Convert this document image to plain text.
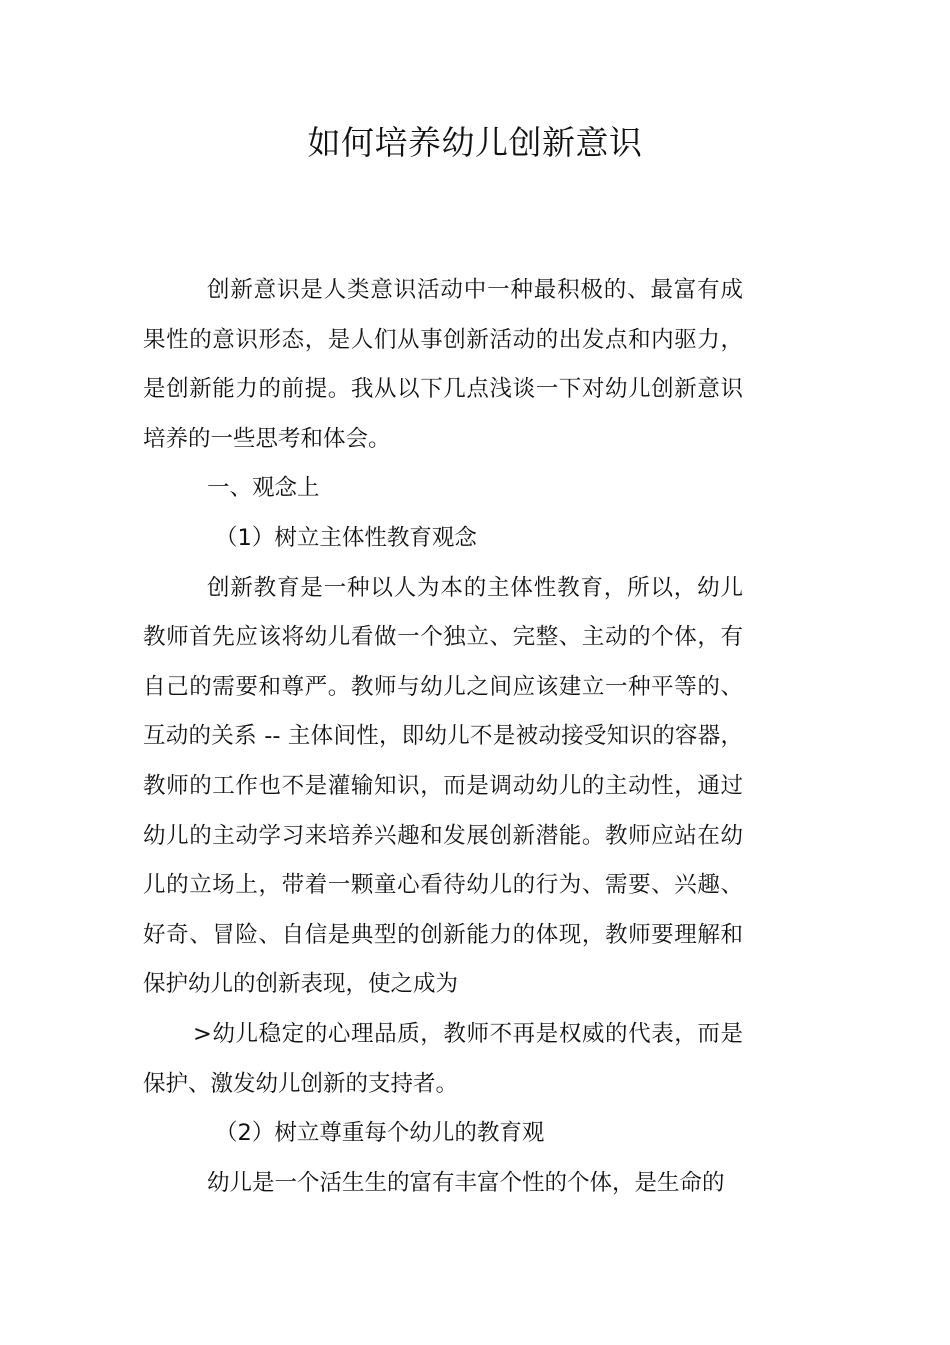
如何培养幼儿创新意识

创新意识是人类意识活动中一种最积极的、最富有成果性的意识形态，是人们从事创新活动的出发点和内驱力，是创新能力的前提。我从以下几点浅谈一下对幼儿创新意识培养的一些思考和体会。

一、观念上

（1）树立主体性教育观念

创新教育是一种以人为本的主体性教育，所以，幼儿教师首先应该将幼儿看做一个独立、完整、主动的个体，有自己的需要和尊严。教师与幼儿之间应该建立一种平等的、互动的关系 -- 主体间性，即幼儿不是被动接受知识的容器，教师的工作也不是灌输知识，而是调动幼儿的主动性，通过幼儿的主动学习来培养兴趣和发展创新潜能。教师应站在幼儿的立场上，带着一颗童心看待幼儿的行为、需要、兴趣、好奇、冒险、自信是典型的创新能力的体现，教师要理解和保护幼儿的创新表现，使之成为

>幼儿稳定的心理品质，教师不再是权威的代表，而是保护、激发幼儿创新的支持者。

（2）树立尊重每个幼儿的教育观

幼儿是一个活生生的富有丰富个性的个体，是生命的
